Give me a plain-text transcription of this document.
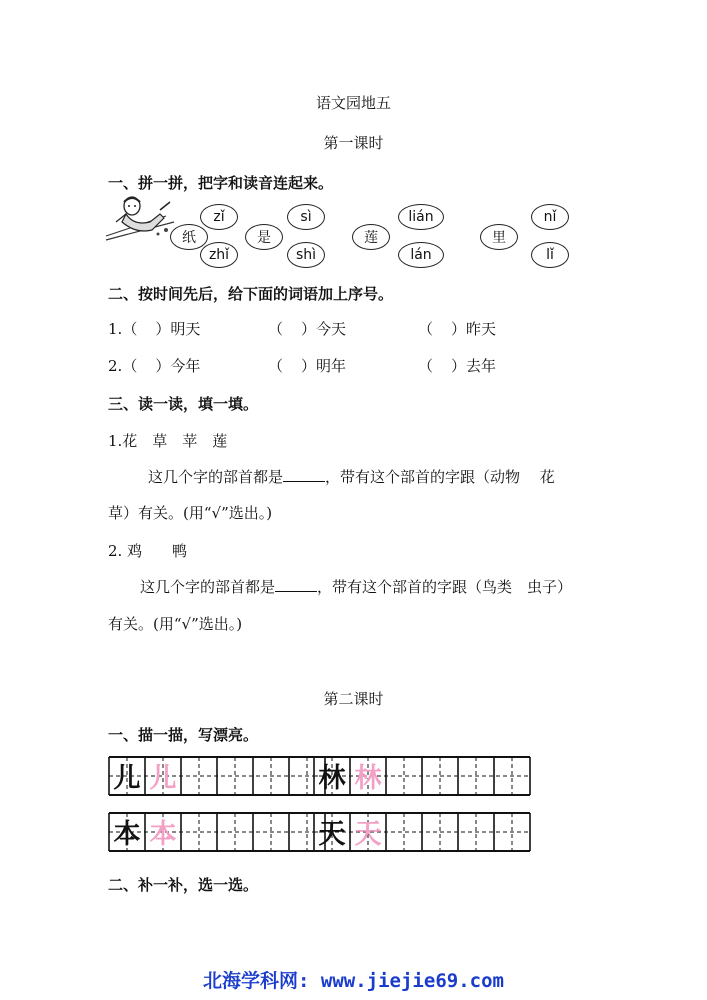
语文园地五
第一课时
一、拼一拼，把字和读音连起来。
zǐ	sì	lián	nǐ
纸	是	莲	里
zhǐ	shì	lán	lǐ
二、按时间先后，给下面的词语加上序号。
1.（ ）明天	（ ）今天	（ ）昨天
2.（ ）今年	（ ）明年	（ ）去年
三、读一读，填一填。
1.花　草　苹　莲
这几个字的部首都是	，带有这个部首的字跟（动物　 花
草）有关。(用“√”选出。)
2. 鸡　　鸭
这几个字的部首都是	，带有这个部首的字跟（鸟类　虫子）
有关。(用“√”选出。)
第二课时
一、描一描，写漂亮。
儿 儿	林 林
本 本	天 天
二、补一补，选一选。
北海学科网: www.jiejie69.com
